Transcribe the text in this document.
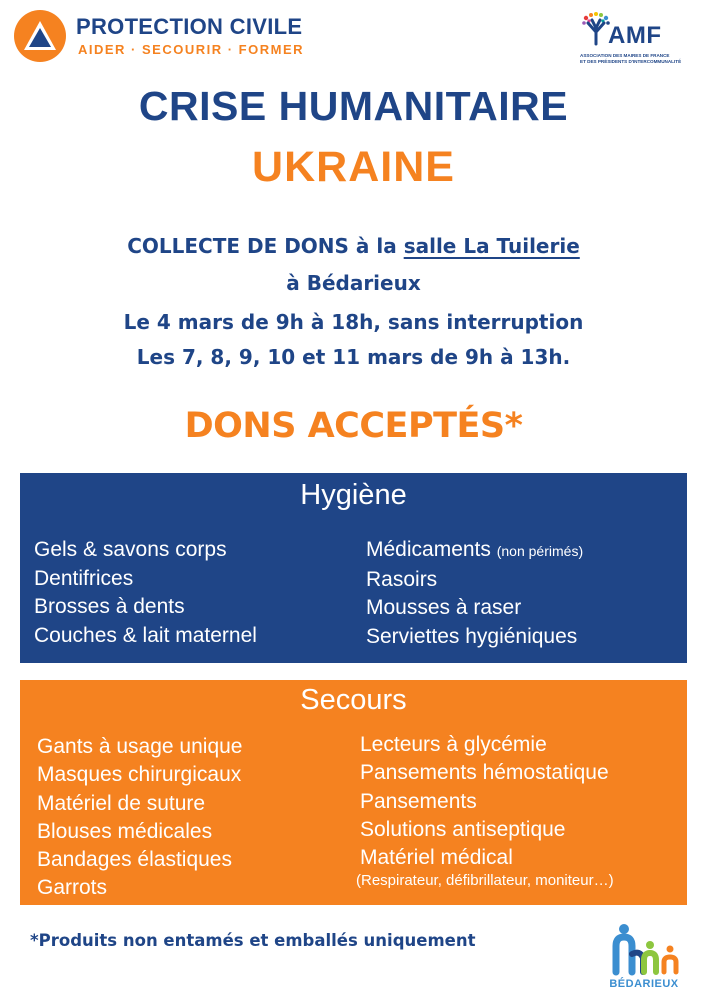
PROTECTION CIVILE
AIDER · SECOURIR · FORMER
AMF
ASSOCIATION DES MAIRES DE FRANCE
ET DES PRÉSIDENTS D'INTERCOMMUNALITÉ
CRISE HUMANITAIRE
UKRAINE
COLLECTE DE DONS à la salle La Tuilerie
à Bédarieux
Le 4 mars de 9h à 18h, sans interruption
Les 7, 8, 9, 10 et 11 mars de 9h à 13h.
DONS ACCEPTÉS*
Hygiène
Gels & savons corps
Dentifrices
Brosses à dents
Couches & lait maternel
Médicaments (non périmés)
Rasoirs
Mousses à raser
Serviettes hygiéniques
Secours
Gants à usage unique
Masques chirurgicaux
Matériel de suture
Blouses médicales
Bandages élastiques
Garrots
Lecteurs à glycémie
Pansements hémostatique
Pansements
Solutions antiseptique
Matériel médical
(Respirateur, défibrillateur, moniteur…)
*Produits non entamés et emballés uniquement
BÉDARIEUX
